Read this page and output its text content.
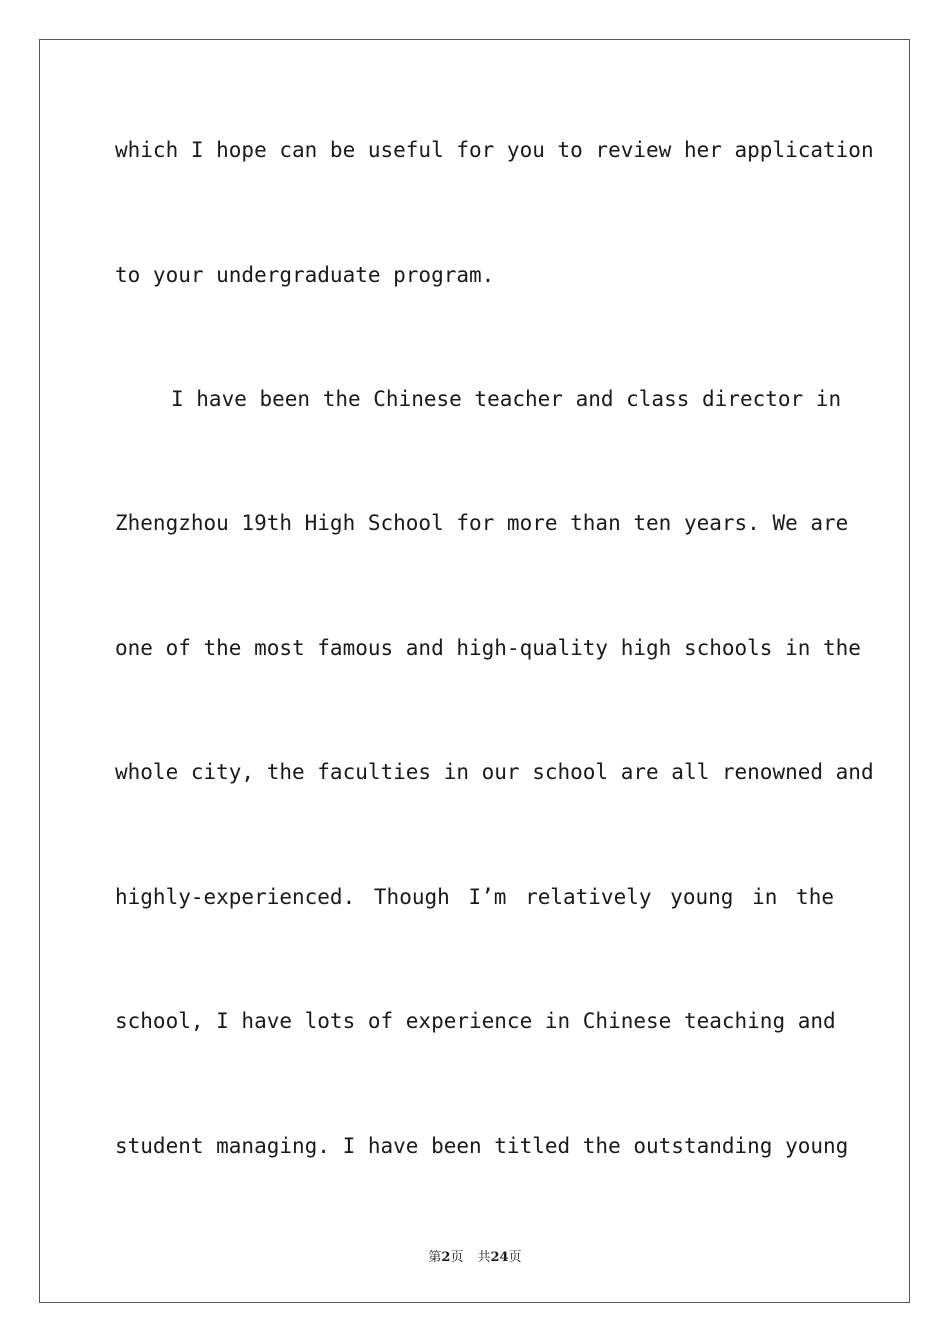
which I hope can be useful for you to review her application
to your undergraduate program.
I have been the Chinese teacher and class director in
Zhengzhou 19th High School for more than ten years. We are
one of the most famous and high-quality high schools in the
whole city, the faculties in our school are all renowned and
highly-experienced. Though I’m relatively young in the
school, I have lots of experience in Chinese teaching and
student managing. I have been titled the outstanding young
第2页 共24页
